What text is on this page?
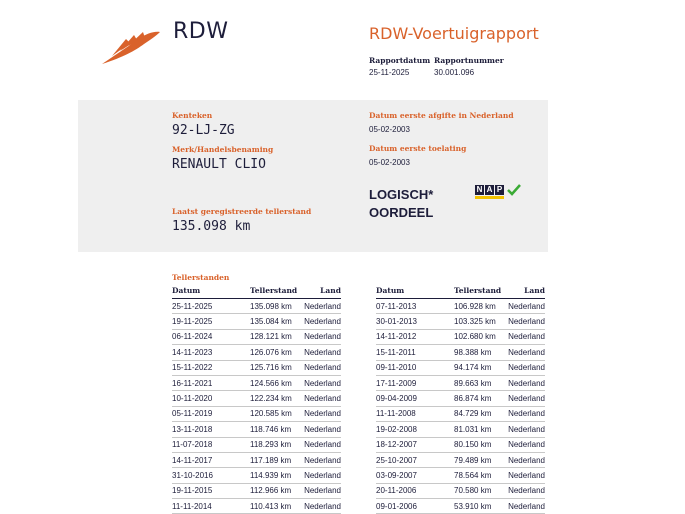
RDW	RDW-Voertuigrapport
Rapportdatum
25-11-2025
Rapportnummer
30.001.096
Kenteken
92-LJ-ZG
Merk/Handelsbenaming
RENAULT CLIO
Laatst geregistreerde tellerstand
135.098 km
Datum eerste afgifte in Nederland
05-02-2003
Datum eerste toelating
05-02-2003
LOGISCH*
OORDEEL
N A P
Tellerstanden
Datum	Tellerstand	Land
25-11-2025	135.098 km	Nederland
19-11-2025	135.084 km	Nederland
06-11-2024	128.121 km	Nederland
14-11-2023	126.076 km	Nederland
15-11-2022	125.716 km	Nederland
16-11-2021	124.566 km	Nederland
10-11-2020	122.234 km	Nederland
05-11-2019	120.585 km	Nederland
13-11-2018	118.746 km	Nederland
11-07-2018	118.293 km	Nederland
14-11-2017	117.189 km	Nederland
31-10-2016	114.939 km	Nederland
19-11-2015	112.966 km	Nederland
11-11-2014	110.413 km	Nederland
Datum	Tellerstand	Land
07-11-2013	106.928 km	Nederland
30-01-2013	103.325 km	Nederland
14-11-2012	102.680 km	Nederland
15-11-2011	98.388 km	Nederland
09-11-2010	94.174 km	Nederland
17-11-2009	89.663 km	Nederland
09-04-2009	86.874 km	Nederland
11-11-2008	84.729 km	Nederland
19-02-2008	81.031 km	Nederland
18-12-2007	80.150 km	Nederland
25-10-2007	79.489 km	Nederland
03-09-2007	78.564 km	Nederland
20-11-2006	70.580 km	Nederland
09-01-2006	53.910 km	Nederland
